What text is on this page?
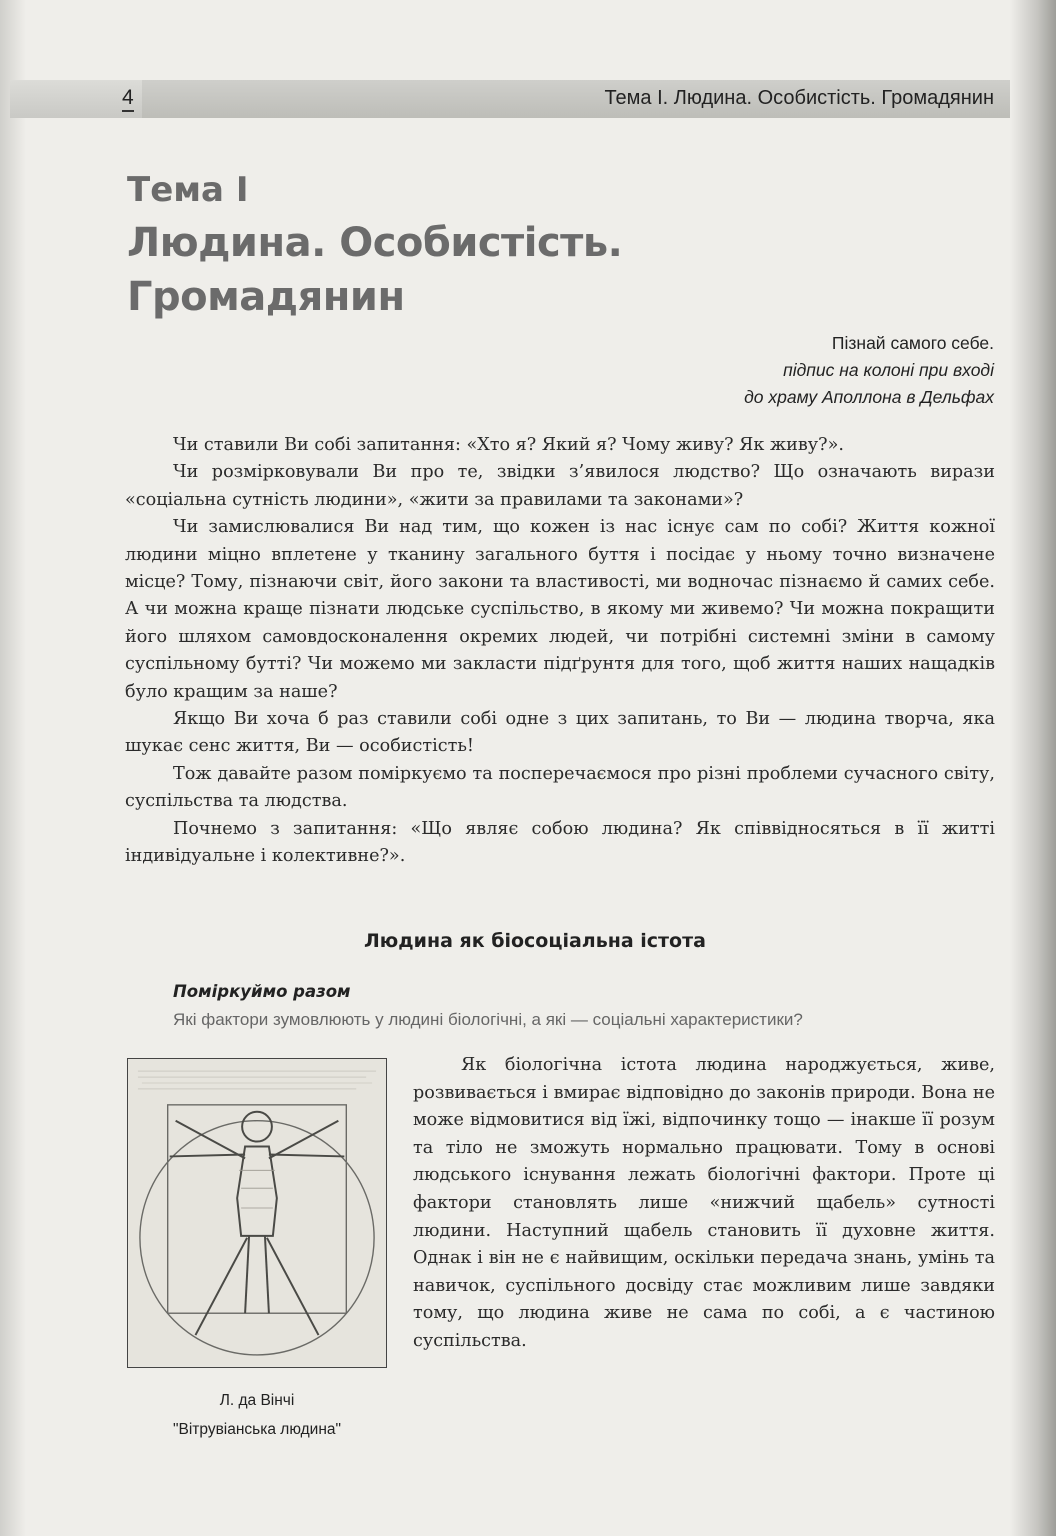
4	Тема І. Людина. Особистість. Громадянин
Тема І
Людина. Особистість.
Громадянин
Пізнай самого себе.
підпис на колоні при вході
до храму Аполлона в Дельфах

Чи ставили Ви собі запитання: «Хто я? Який я? Чому живу? Як живу?».

Чи розмірковували Ви про те, звідки з’явилося людство? Що означають вирази «соціальна сутність людини», «жити за правилами та законами»?

Чи замислювалися Ви над тим, що кожен із нас існує сам по собі? Життя кожної людини міцно вплетене у тканину загального буття і посідає у ньому точно визначене місце? Тому, пізнаючи світ, його закони та властивості, ми водночас пізнаємо й самих себе. А чи можна краще пізнати людське суспільство, в якому ми живемо? Чи можна покращити його шляхом самовдосконалення окремих людей, чи потрібні системні зміни в самому суспільному бутті? Чи можемо ми закласти підґрунтя для того, щоб життя наших нащадків було кращим за наше?

Якщо Ви хоча б раз ставили собі одне з цих запитань, то Ви — людина творча, яка шукає сенс життя, Ви — особистість!

Тож давайте разом поміркуємо та посперечаємося про різні проблеми сучасного світу, суспільства та людства.

Почнемо з запитання: «Що являє собою людина? Як співвідносяться в її житті індивідуальне і колективне?».

Людина як біосоціальна істота
Поміркуймо разом
Які фактори зумовлюють у людині біологічні, а які — соціальні характеристики?
Л. да Вінчі
"Вітрувіанська людина"

Як біологічна істота людина народжується, живе, розвивається і вмирає відповідно до законів природи. Вона не може відмовитися від їжі, відпочинку тощо — інакше її розум та тіло не зможуть нормально працювати. Тому в основі людського існування лежать біологічні фактори. Проте ці фактори становлять лише «нижчий щабель» сутності людини. Наступний щабель становить її духовне життя. Однак і він не є найвищим, оскільки передача знань, умінь та навичок, суспільного досвіду стає можливим лише завдяки тому, що людина живе не сама по собі, а є частиною суспільства.
